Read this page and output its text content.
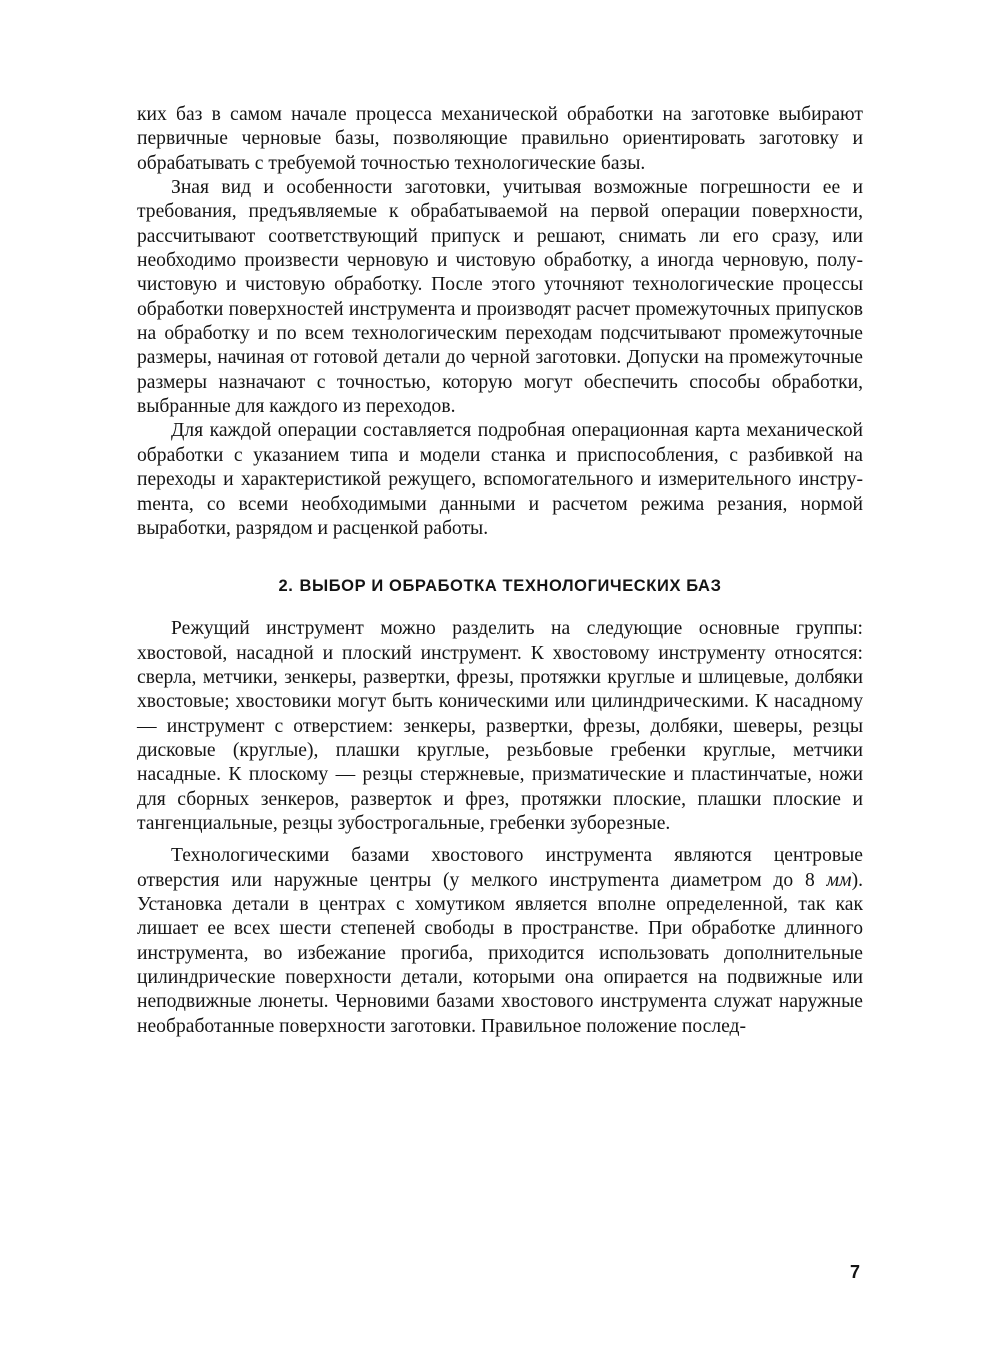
ких баз в самом начале процесса механической обработки на заготовке выбирают первичные черновые базы, позволяющие правильно ориентировать заготовку и обрабатывать с требуемой точностью технологические базы.

Зная вид и особенности заготовки, учитывая возможные погрешности ее и требования, предъявляемые к обрабатываемой на первой операции поверхности, рассчитывают соответствующий припуск и решают, снимать ли его сразу, или необходимо произвести черновую и чистовую обработку, а иногда черновую, получистовую и чистовую обработку. После этого уточняют технологические процессы обработки поверхностей инструмента и производят расчет промежуточных припусков на обработку и по всем технологическим переходам подсчитывают промежуточные размеры, начиная от готовой детали до черной заготовки. Допуски на промежуточные размеры назначают с точностью, которую могут обеспечить способы обработки, выбранные для каждого из переходов.

Для каждой операции составляется подробная операционная карта механической обработки с указанием типа и модели станка и приспособления, с разбивкой на переходы и характеристикой режущего, вспомогательного и измерительного инструmента, со всеми необходимыми данными и расчетом режима резания, нормой выработки, разрядом и расценкой работы.

2. ВЫБОР И ОБРАБОТКА ТЕХНОЛОГИЧЕСКИХ БАЗ

Режущий инструмент можно разделить на следующие основные группы: хвостовой, насадной и плоский инструмент. К хвостовому инструменту относятся: сверла, метчики, зенкеры, развертки, фрезы, протяжки круглые и шлицевые, долбяки хвостовые; хвостовики могут быть коническими или цилиндрическими. К насадному — инструмент с отверстием: зенкеры, развертки, фрезы, долбяки, шеверы, резцы дисковые (круглые), плашки круглые, резьбовые гребенки круглые, метчики насадные. К плоскому — резцы стержневые, призматические и пластинчатые, ножи для сборных зенкеров, разверток и фрез, протяжки плоские, плашки плоские и тангенциальные, резцы зубострогальные, гребенки зуборезные.

Технологическими базами хвостового инструмента являются центровые отверстия или наружные центры (у мелкого инструmента диаметром до 8 мм). Установка детали в центрах с хомутиком является вполне определенной, так как лишает ее всех шести степеней свободы в пространстве. При обработке длинного инструмента, во избежание прогиба, приходится использовать дополнительные цилиндрические поверхности детали, которыми она опирается на подвижные или неподвижные люнеты. Черновими базами хвостового инструмента служат наружные необработанные поверхности заготовки. Правильное положение послед-

7
